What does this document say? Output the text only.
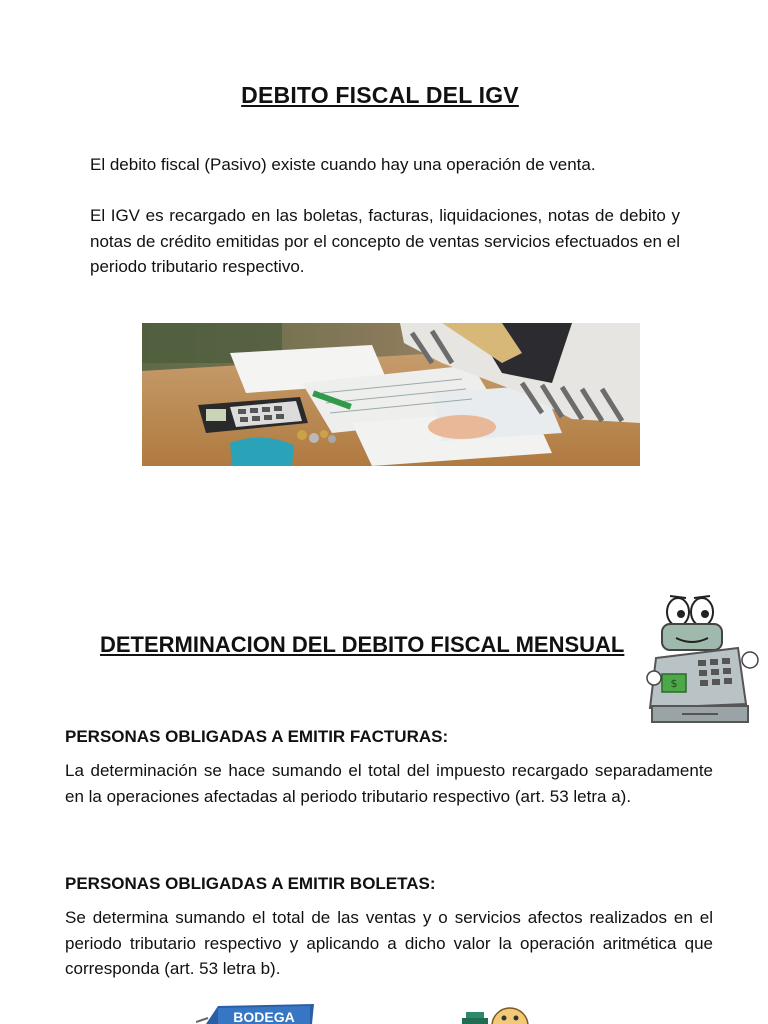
DEBITO FISCAL DEL IGV
El debito fiscal (Pasivo) existe cuando hay una operación de venta.
El IGV es recargado en las boletas, facturas, liquidaciones, notas de debito y notas de crédito emitidas por el concepto de ventas servicios efectuados en el periodo tributario respectivo.
DETERMINACION DEL DEBITO FISCAL MENSUAL
$
PERSONAS OBLIGADAS A EMITIR FACTURAS:
La determinación se hace sumando el total del impuesto recargado separadamente en la operaciones afectadas al periodo tributario respectivo (art. 53 letra a).
PERSONAS OBLIGADAS A EMITIR BOLETAS:
Se determina sumando el total de las ventas y o servicios afectos realizados en el periodo tributario respectivo y aplicando a dicho valor la operación aritmética que corresponda (art. 53 letra b).
BODEGA
